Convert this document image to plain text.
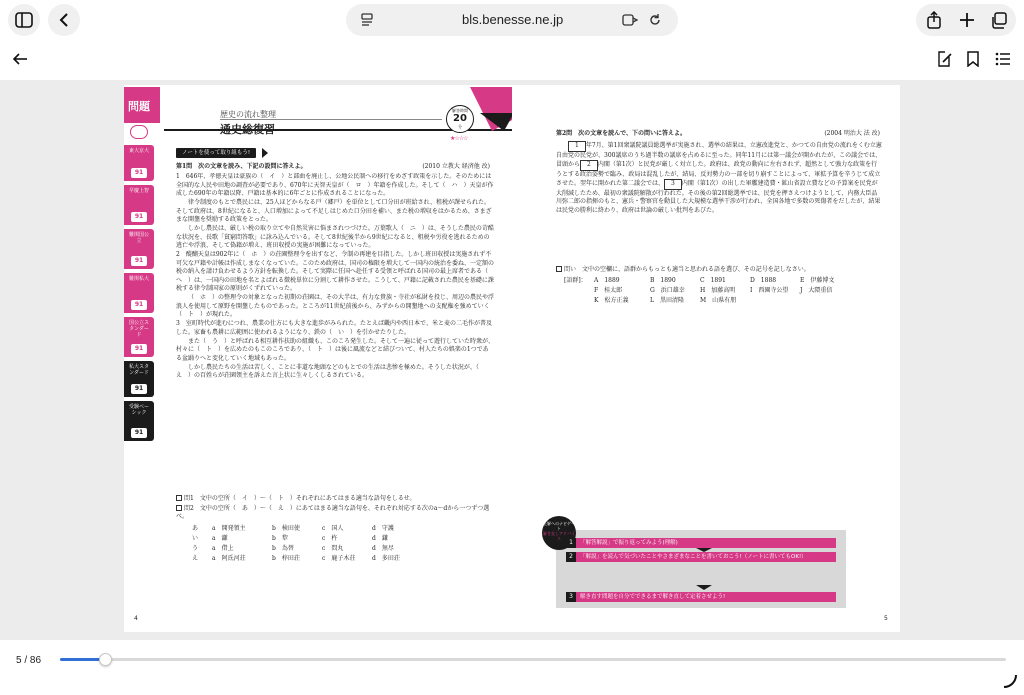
bls.benesse.ne.jp
問題
東大京大
91
早慶上智
91
難関国公立
91
難関私大
91
国公立スタンダード
91
私大スタンダード
91
受験ベーシック
91
歴史の流れ整理
通史総復習
解答時間
20
分
★☆☆☆
ノートを使って取り組もう!
第1問　次の文章を読み、下記の設問に答えよ。	(2010 立教大 経済他 改)

1　646年、孝徳天皇は豪族の（　イ　）と部曲を廃止し、公地公民制への移行をめざす政策を示した。そのためには全国的な人民や田地の調査が必要であり、670年に天智天皇が（　ロ　）年籍を作成した。そして（　ハ　）天皇が作成した690年の年籍以降、戸籍は基本的に6年ごとに作成されることになった。

律令制度のもとで農民には、25人ほどからなる戸（郷戸）を単位として口分田が班給され、租税が課せられた。そして政府は、8世紀になると、人口増加によって不足しはじめた口分田を補い、また税の増収をはかるため、さまざまな開墾を奨励する政策をとった。

しかし農民は、厳しい税の取り立てや自然災害に悩まされつづけた。万葉歌人（　ニ　）は、そうした農民の苛酷な状況を、長歌「貧窮問答歌」に詠み込んでいる。そして8世紀後半から9世紀になると、租税や労役を逃れるための逃亡や浮浪、そして偽籍が増え、班田収授の実施が困難になっていった。

2　醍醐天皇は902年に（　ホ　）の荘園整理令を出すなど、令制の再建を目指した。しかし班田収授は実施されず不可欠な戸籍や計帳は作成しまなくなっていた。このため政府は、国司の権限を増大して一国内の統治を委ね、一定額の税の納入を請け負わせるよう方針を転換した。そして実際に任国へ赴任する受領と呼ばれる国司の最上席者である（　へ　）は、一国内の田地を名とよばれる徴税単位に分割して耕作させた。こうして、戸籍に記載された農民を基礎に課税する律令制国家の原則がくずれていった。

（　ホ　）の整理令の対象となった初期の荘園は、その大半は、有力な貴族・寺社が私財を投じ、周辺の農民や浮浪人を使用して原野を開墾したものであった。ところが11世紀前後から、みずからの開墾地への支配権を強めていく（　ト　）が現れた。

3　室町時代が進むにつれ、農業の仕方にも大きな進歩がみられた。たとえば畿内や西日本で、米と麦の二毛作が普及した。家畜も農耕に広範囲に使われるようになり、鉄の（　い　）を引かせたりした。

また（　う　）と呼ばれる相互耕作扶助の組織も、このころ発生した。そして一遍に従って遊行していた時衆が、村々に（　ト　）を広めたのもこのころであり、（　ト　）は後に風流などと結びついて、村人たちの娯楽の1つである盆踊りへと変化していく地域もあった。

しかし農民たちの生活は苦しく、ことに非道な地頭などのもとでの生活は悲惨を極めた。そうした状況が、（　え　）の百姓らが荘園領主を訴えた言上状に生々しくしるされている。

問1　文中の空所（　イ　）〜（　ト　）それぞれにあてはまる適当な語句をしるせ。
問2　文中の空所（　あ　）〜（　え　）にあてはまる適当な語句を、それぞれ対応する次のa〜dから一つずつ選べ。
あ a　開発領主	b　検田使	c　国人	d　守護
い a　鎌	b　犂	c　杵	d　鎌
う a　借上	b　為替	c　問丸	d　無尽
え a　阿氐河荘	b　梓田荘	c　鹿子木荘	d　多田荘
4
第2問　次の文章を読んで、下の問いに答えよ。	(2004 明治大 法 改)
　　1 年7月、第1回衆議院議員総選挙が実施され、選挙の結果は、立憲改進党と、かつての自由党の流れをくむ立憲自由党の民党が、300議席のうち過半数の議席を占めるに至った。同年11月には第一議会が開かれたが、この議会では、冒頭から 2 内閣（第1次）と民党が厳しく対立した。政府は、政党の動向に左右されず、超然として強力な政策を行うとする政治姿勢で臨み、政局は混乱したが、結局、反対勢力の一部を切り崩すことによって、軍拡予算を辛うじて成立させた。翌年に開かれた第二議会では、 3 内閣（第1次）の出した軍艦建造費・鉱山省設立費などの予算案を民党が大削減したため、最初の衆議院解散が行われた。その後の第2回総選挙では、民党を押さえつけようとして、内務大臣品川弥二郎の指揮のもと、憲兵・警察官を動員した大規模な選挙干渉が行われ、全国各地で多数の死傷者をだしたが、結果は民党の勝利に終わり、政府は世論の厳しい批判をあびた。
問い　文中の空欄に、語群からもっとも適当と思われる語を選び、その記号を記しなさい。
[語群]： A　1889	B　1890	C　1891	D　1888	E　伊藤博文
F　桂太郎	G　浜口雄幸	H　加藤高明 I　西園寺公望 J　大隈重信
K　松方正義	L　黒田清隆	M　山県有朋
正解へのナビゲート
解き直しアドバイス
1	「解答解説」で振り返ってみよう(理解)
2	「解説」を読んで気づいたことやさまざまなことを書いておこう!（ノートに書いてもOK!）
3	解き直す問題を自分でできるまで解き直して定着させよう!
5
5 / 86
